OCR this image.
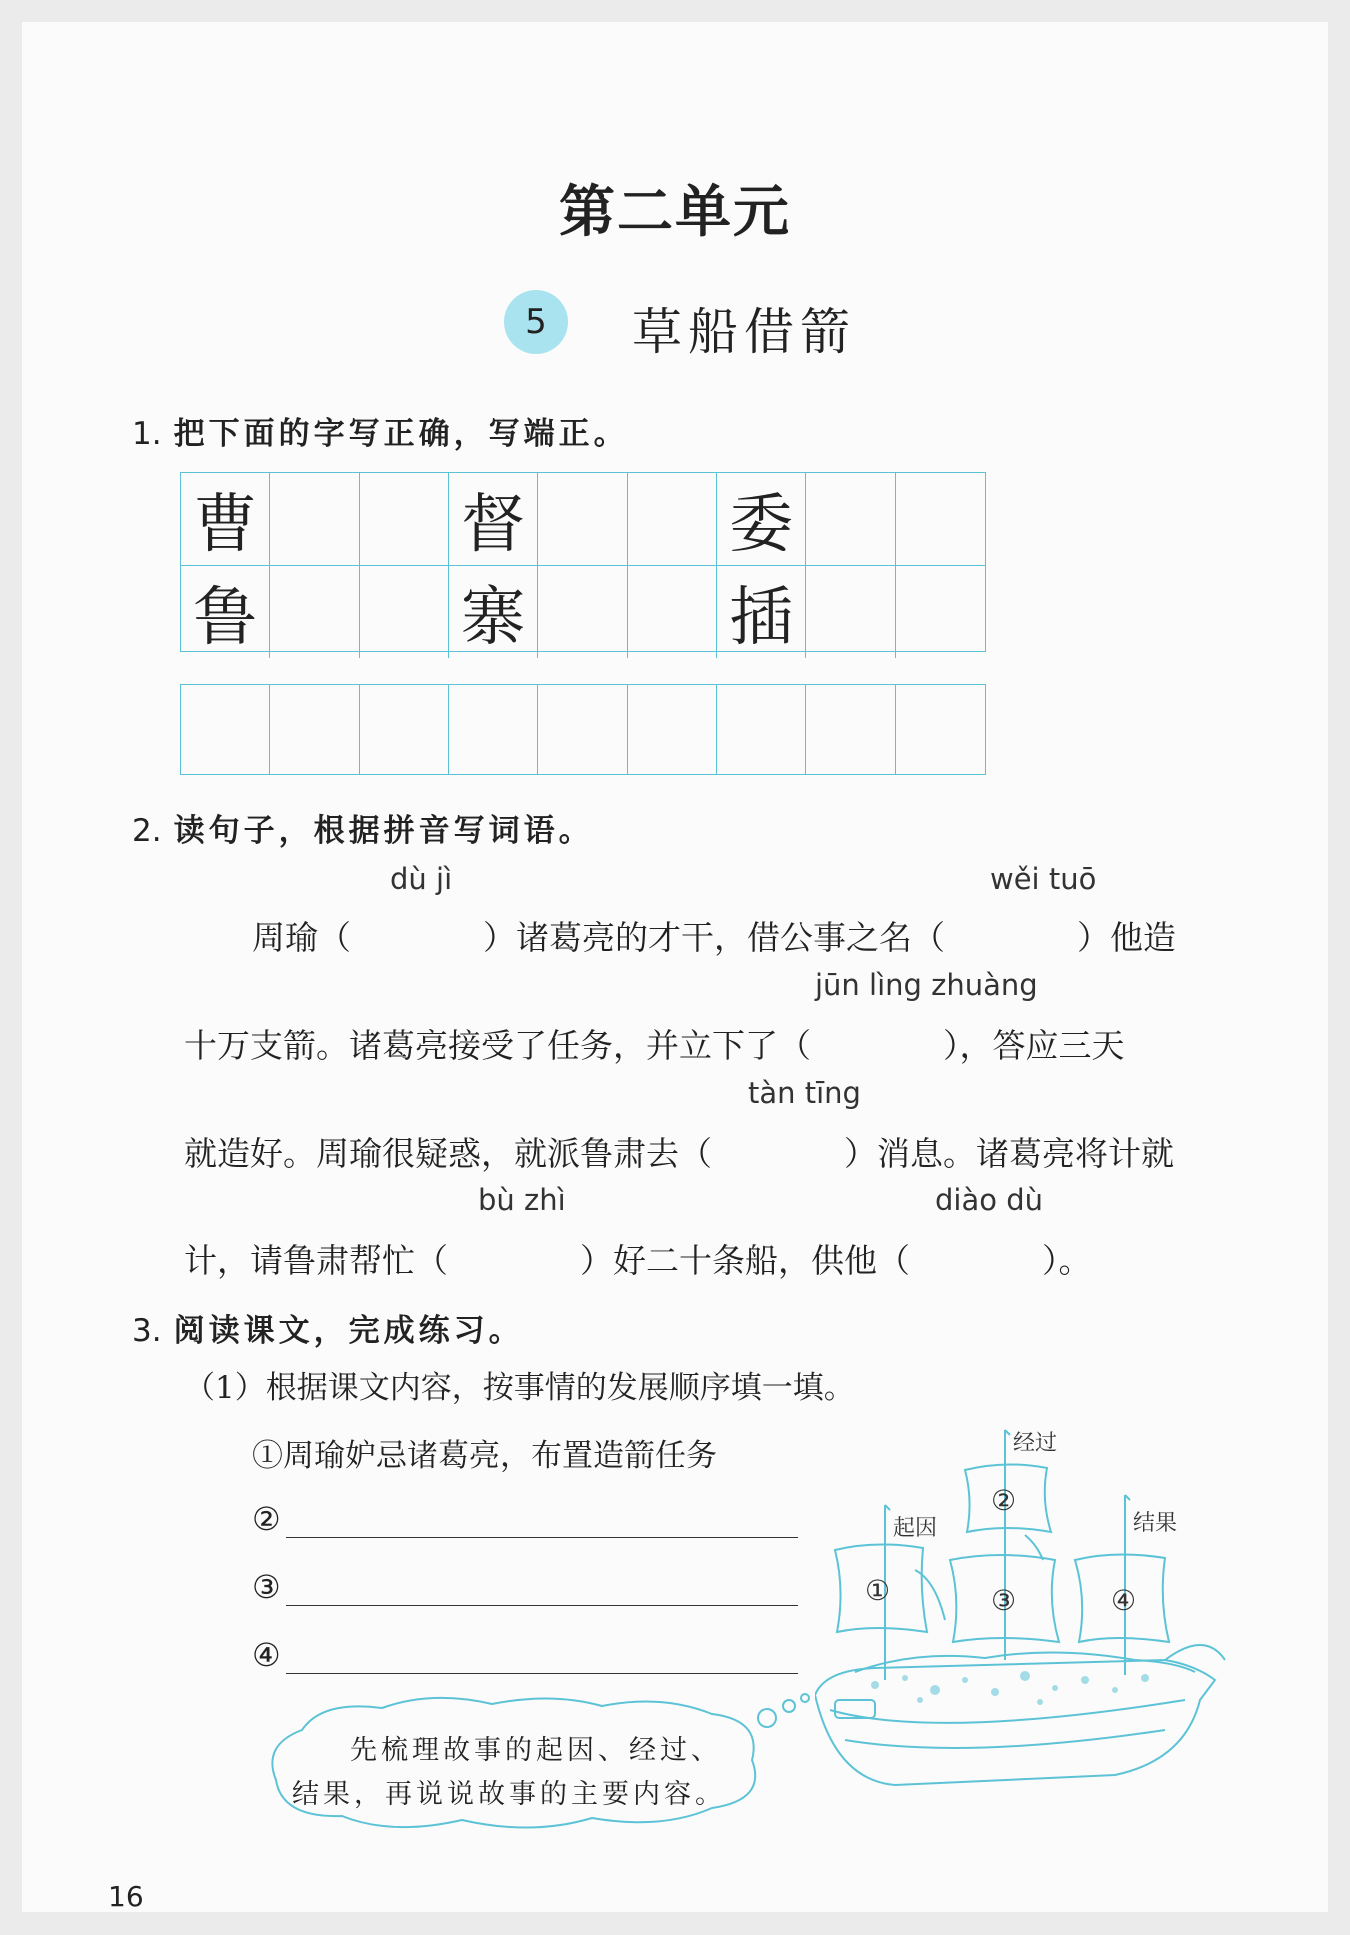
第二单元
5	草船借箭
1. 把下面的字写正确，写端正。
曹	督	委
鲁	寨	插
2. 读句子，根据拼音写词语。
dù jì	wěi tuō
周瑜（　　　　）诸葛亮的才干，借公事之名（　　　　）他造
jūn lìng zhuàng
十万支箭。诸葛亮接受了任务，并立下了（　　　　），答应三天
tàn tīng
就造好。周瑜很疑惑，就派鲁肃去（　　　　）消息。诸葛亮将计就
bù zhì	diào dù
计，请鲁肃帮忙（　　　　）好二十条船，供他（　　　　）。
3. 阅读课文，完成练习。
（1）根据课文内容，按事情的发展顺序填一填。
①周瑜妒忌诸葛亮，布置造箭任务
②
③
④
起因
经过
结果
①
②
③	④
先梳理故事的起因、经过、
结果，再说说故事的主要内容。
16
